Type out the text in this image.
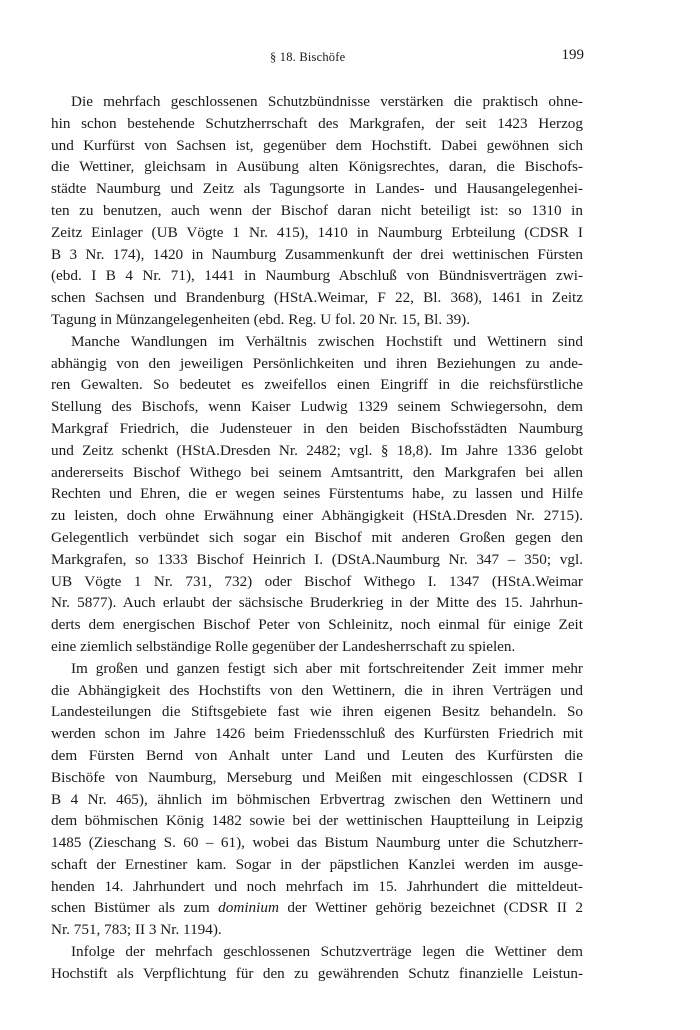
§ 18. Bischöfe	199

Die mehrfach geschlossenen Schutzbündnisse verstärken die praktisch ohne-
hin schon bestehende Schutzherrschaft des Markgrafen, der seit 1423 Herzog
und Kurfürst von Sachsen ist, gegenüber dem Hochstift. Dabei gewöhnen sich
die Wettiner, gleichsam in Ausübung alten Königsrechtes, daran, die Bischofs-
städte Naumburg und Zeitz als Tagungsorte in Landes- und Hausangelegenhei-
ten zu benutzen, auch wenn der Bischof daran nicht beteiligt ist: so 1310 in
Zeitz Einlager (UB Vögte 1 Nr. 415), 1410 in Naumburg Erbteilung (CDSR I
B 3 Nr. 174), 1420 in Naumburg Zusammenkunft der drei wettinischen Fürsten
(ebd. I B 4 Nr. 71), 1441 in Naumburg Abschluß von Bündnisverträgen zwi-
schen Sachsen und Brandenburg (HStA.Weimar, F 22, Bl. 368), 1461 in Zeitz
Tagung in Münzangelegenheiten (ebd. Reg. U fol. 20 Nr. 15, Bl. 39).

Manche Wandlungen im Verhältnis zwischen Hochstift und Wettinern sind
abhängig von den jeweiligen Persönlichkeiten und ihren Beziehungen zu ande-
ren Gewalten. So bedeutet es zweifellos einen Eingriff in die reichsfürstliche
Stellung des Bischofs, wenn Kaiser Ludwig 1329 seinem Schwiegersohn, dem
Markgraf Friedrich, die Judensteuer in den beiden Bischofsstädten Naumburg
und Zeitz schenkt (HStA.Dresden Nr. 2482; vgl. § 18,8). Im Jahre 1336 gelobt
andererseits Bischof Withego bei seinem Amtsantritt, den Markgrafen bei allen
Rechten und Ehren, die er wegen seines Fürstentums habe, zu lassen und Hilfe
zu leisten, doch ohne Erwähnung einer Abhängigkeit (HStA.Dresden Nr. 2715).
Gelegentlich verbündet sich sogar ein Bischof mit anderen Großen gegen den
Markgrafen, so 1333 Bischof Heinrich I. (DStA.Naumburg Nr. 347 – 350; vgl.
UB Vögte 1 Nr. 731, 732) oder Bischof Withego I. 1347 (HStA.Weimar
Nr. 5877). Auch erlaubt der sächsische Bruderkrieg in der Mitte des 15. Jahrhun-
derts dem energischen Bischof Peter von Schleinitz, noch einmal für einige Zeit
eine ziemlich selbständige Rolle gegenüber der Landesherrschaft zu spielen.

Im großen und ganzen festigt sich aber mit fortschreitender Zeit immer mehr
die Abhängigkeit des Hochstifts von den Wettinern, die in ihren Verträgen und
Landesteilungen die Stiftsgebiete fast wie ihren eigenen Besitz behandeln. So
werden schon im Jahre 1426 beim Friedensschluß des Kurfürsten Friedrich mit
dem Fürsten Bernd von Anhalt unter Land und Leuten des Kurfürsten die
Bischöfe von Naumburg, Merseburg und Meißen mit eingeschlossen (CDSR I
B 4 Nr. 465), ähnlich im böhmischen Erbvertrag zwischen den Wettinern und
dem böhmischen König 1482 sowie bei der wettinischen Hauptteilung in Leipzig
1485 (Zieschang S. 60 – 61), wobei das Bistum Naumburg unter die Schutzherr-
schaft der Ernestiner kam. Sogar in der päpstlichen Kanzlei werden im ausge-
henden 14. Jahrhundert und noch mehrfach im 15. Jahrhundert die mitteldeut-
schen Bistümer als zum dominium der Wettiner gehörig bezeichnet (CDSR II 2
Nr. 751, 783; II 3 Nr. 1194).

Infolge der mehrfach geschlossenen Schutzverträge legen die Wettiner dem
Hochstift als Verpflichtung für den zu gewährenden Schutz finanzielle Leistun-
